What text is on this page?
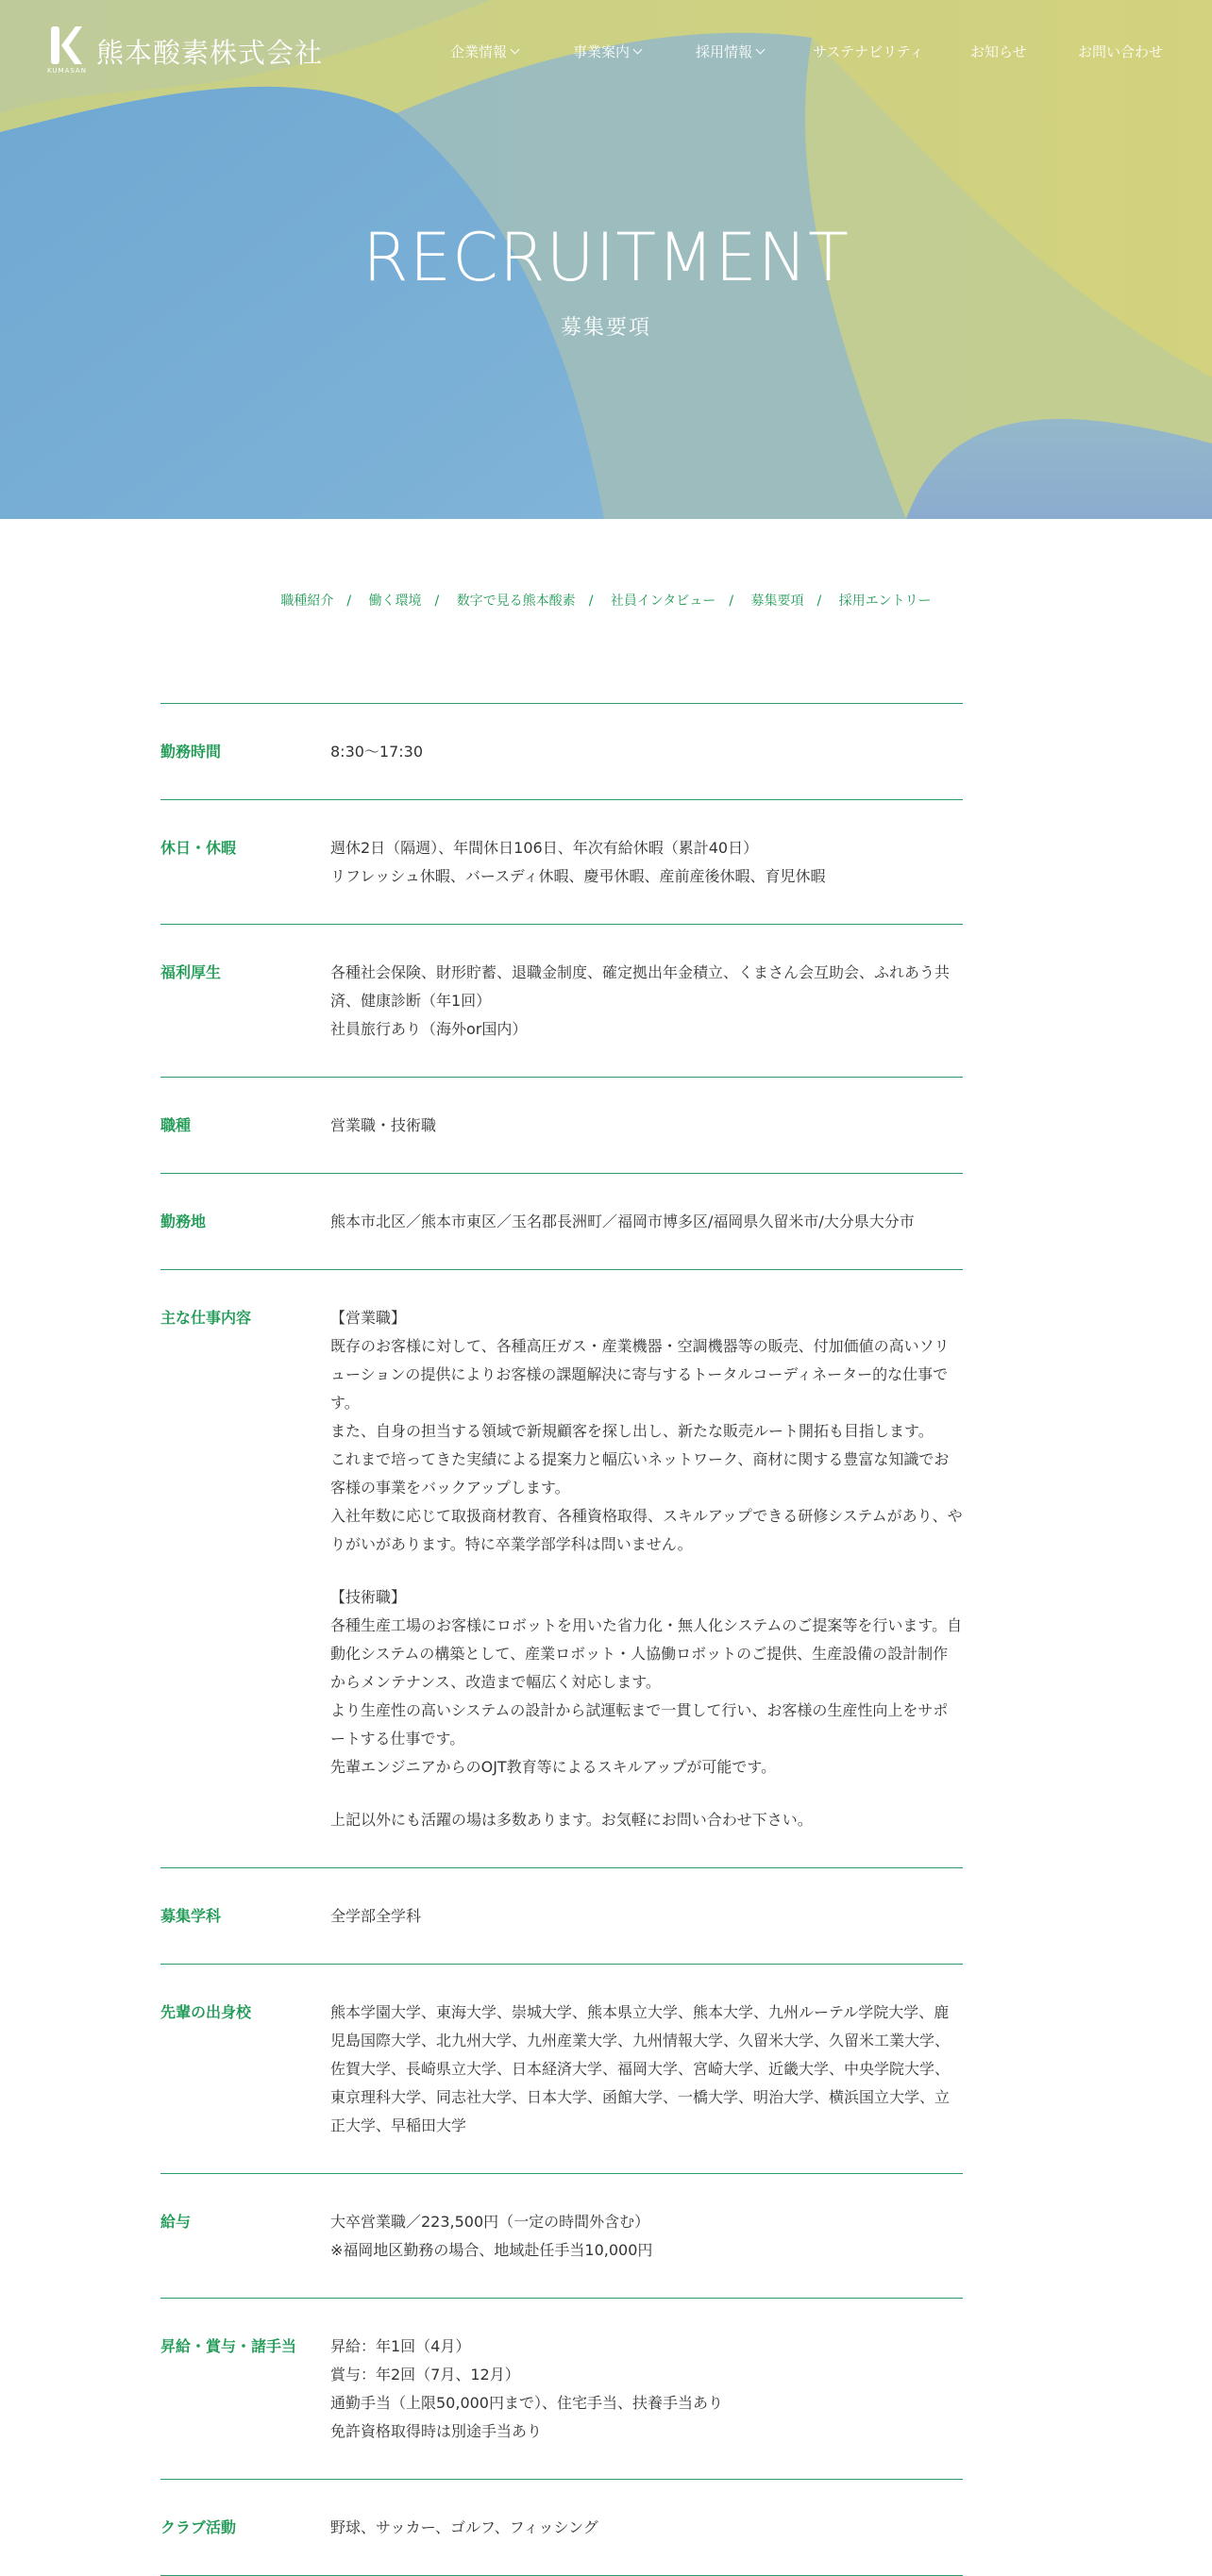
KUMASAN
熊本酸素株式会社	企業情報	事業案内	採用情報	サステナビリティ	お知らせ	お問い合わせ
RECRUITMENT
募集要項
職種紹介 / 働く環境 / 数字で見る熊本酸素 / 社員インタビュー / 募集要項 / 採用エントリー
勤務時間	8:30〜17:30

休日・休暇	週休2日（隔週）、年間休日106日、年次有給休暇（累計40日）

リフレッシュ休暇、バースディ休暇、慶弔休暇、産前産後休暇、育児休暇

福利厚生	各種社会保険、財形貯蓄、退職金制度、確定拠出年金積立、くまさん会互助会、ふれあう共済、健康診断（年1回）

社員旅行あり（海外or国内）

職種	営業職・技術職

勤務地	熊本市北区／熊本市東区／玉名郡長洲町／福岡市博多区/福岡県久留米市/大分県大分市

主な仕事内容	【営業職】

既存のお客様に対して、各種高圧ガス・産業機器・空調機器等の販売、付加価値の高いソリューションの提供によりお客様の課題解決に寄与するトータルコーディネーター的な仕事です。

また、自身の担当する領域で新規顧客を探し出し、新たな販売ルート開拓も目指します。

これまで培ってきた実績による提案力と幅広いネットワーク、商材に関する豊富な知識でお客様の事業をバックアップします。

入社年数に応じて取扱商材教育、各種資格取得、スキルアップできる研修システムがあり、やりがいがあります。特に卒業学部学科は問いません。

【技術職】

各種生産工場のお客様にロボットを用いた省力化・無人化システムのご提案等を行います。自動化システムの構築として、産業ロボット・人協働ロボットのご提供、生産設備の設計制作からメンテナンス、改造まで幅広く対応します。

より生産性の高いシステムの設計から試運転まで一貫して行い、お客様の生産性向上をサポートする仕事です。

先輩エンジニアからのOJT教育等によるスキルアップが可能です。

上記以外にも活躍の場は多数あります。お気軽にお問い合わせ下さい。

募集学科	全学部全学科

先輩の出身校	熊本学園大学、東海大学、崇城大学、熊本県立大学、熊本大学、九州ルーテル学院大学、鹿児島国際大学、北九州大学、九州産業大学、九州情報大学、久留米大学、久留米工業大学、佐賀大学、長崎県立大学、日本経済大学、福岡大学、宮崎大学、近畿大学、中央学院大学、東京理科大学、同志社大学、日本大学、函館大学、一橋大学、明治大学、横浜国立大学、立正大学、早稲田大学

給与	大卒営業職／223,500円（一定の時間外含む）

※福岡地区勤務の場合、地域赴任手当10,000円

昇給・賞与・諸手当	昇給：年1回（4月）

賞与：年2回（7月、12月）

通勤手当（上限50,000円まで）、住宅手当、扶養手当あり

免許資格取得時は別途手当あり

クラブ活動	野球、サッカー、ゴルフ、フィッシング
